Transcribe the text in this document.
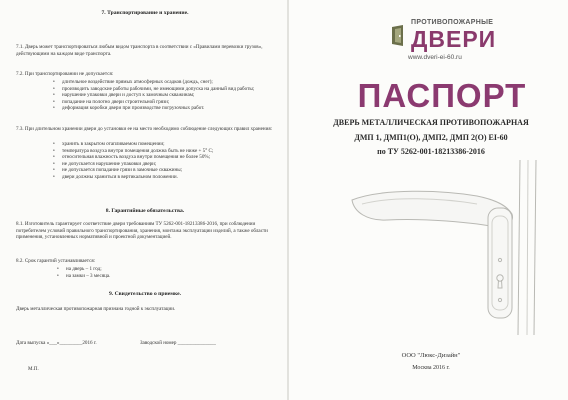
7. Транспортирование и хранение.
7.1. Дверь может транспортироваться любым видом транспорта в соответствии с «Правилами перевозки грузов», действующими на каждом виде транспорта.
7.2. При транспортировании не допускается:
• длительное воздействие прямых атмосферных осадков (дождь, снег);
• производить заводские работы рабочими, не имеющими допуска на данный вид работы;
• нарушение упаковки двери и доступ к замочным скважинам;
• попадание на полотно двери строительной грязи;
• деформация коробки двери при производстве погрузочных работ.
7.3. При длительном хранении двери до установки ее на место необходимо соблюдение следующих правил хранения:
• хранить в закрытом отапливаемом помещении;
• температура воздуха внутри помещения должна быть не ниже + 5° С;
• относительная влажность воздуха внутри помещения не более 50%;
• не допускается нарушение упаковки двери;
• не допускается попадание грязи в замочные скважины;
• двери должны храниться в вертикальном положении.
8. Гарантийные обязательства.
8.1. Изготовитель гарантирует соответствие двери требованиям ТУ 5262-001-18213386-2016, при соблюдении потребителем условий правильного транспортирования, хранения, монтажа эксплуатации изделий, а также области применения, установленных нормативной и проектной документацией.
8.2. Срок гарантий устанавливается:
• на дверь – 1 год;
• на замки – 3 месяца.
9. Свидетельство о приемке.
Дверь металлическая противопожарная признана годной к эксплуатации.
Дата выпуска «___»_________2016 г.	Заводской номер _______________
М.П.
ПРОТИВОПОЖАРНЫЕ
ДВЕРИ
www.dveri-ei-60.ru
ПАСПОРТ
ДВЕРЬ МЕТАЛЛИЧЕСКАЯ ПРОТИВОПОЖАРНАЯ
ДМП 1, ДМП1(О), ДМП2, ДМП 2(О) EI-60
по ТУ 5262-001-18213386-2016
ООО "Люкс-Дизайн"
Москва 2016 г.
